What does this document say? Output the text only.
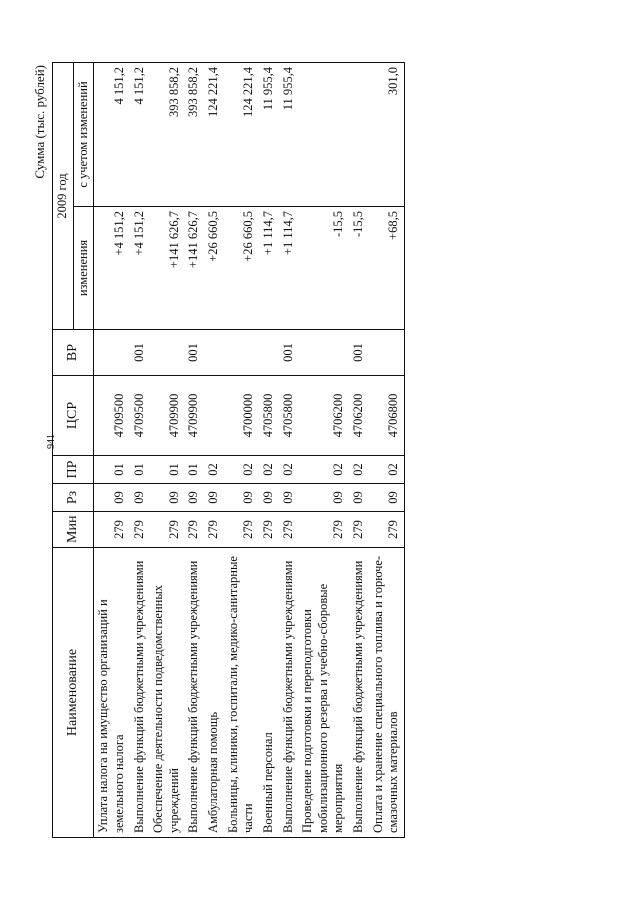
941
Сумма (тыс. рублей)
Наименование	Мин	Рз	ПР	ЦСР	ВР	2009 год	
						изменения	с учетом изменений
Уплата налога на имущество организаций и земельного налога	279	09	01	4709500		+4 151,2	4 151,2
Выполнение функций бюджетными учреждениями	279	09	01	4709500	001	+4 151,2	4 151,2
Обеспечение деятельности подведомственных учреждений	279	09	01	4709900		+141 626,7	393 858,2
Выполнение функций бюджетными учреждениями	279	09	01	4709900	001	+141 626,7	393 858,2
Амбулаторная помощь	279	09	02			+26 660,5	124 221,4
Больницы, клиники, госпитали, медико-санитарные части	279	09	02	4700000		+26 660,5	124 221,4
Военный персонал	279	09	02	4705800		+1 114,7	11 955,4
Выполнение функций бюджетными учреждениями	279	09	02	4705800	001	+1 114,7	11 955,4
Проведение подготовки и переподготовки мобилизационного резерва и учебно-сборовые мероприятия	279	09	02	4706200		-15,5	
Выполнение функций бюджетными учреждениями	279	09	02	4706200	001	-15,5	
Оплата и хранение специального топлива и горюче-смазочных материалов	279	09	02	4706800		+68,5	301,0
